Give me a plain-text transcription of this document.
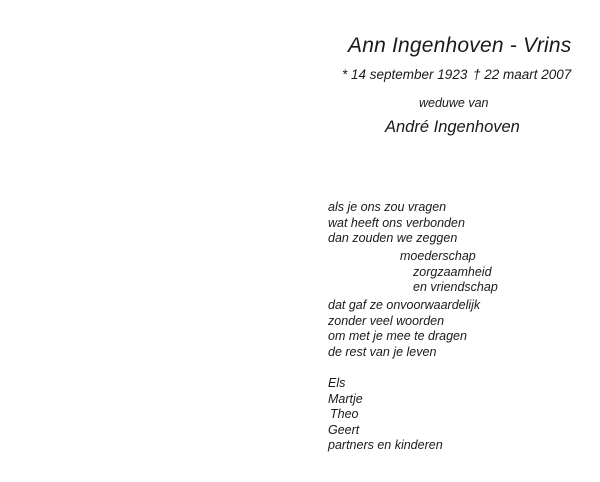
Ann Ingenhoven - Vrins
* 14 september 1923 † 22 maart 2007
weduwe van
André Ingenhoven
als je ons zou vragen
wat heeft ons verbonden
dan zouden we zeggen
moederschap
zorgzaamheid
en vriendschap
dat gaf ze onvoorwaardelijk
zonder veel woorden
om met je mee te dragen
de rest van je leven
Els
Martje
Theo
Geert
partners en kinderen
